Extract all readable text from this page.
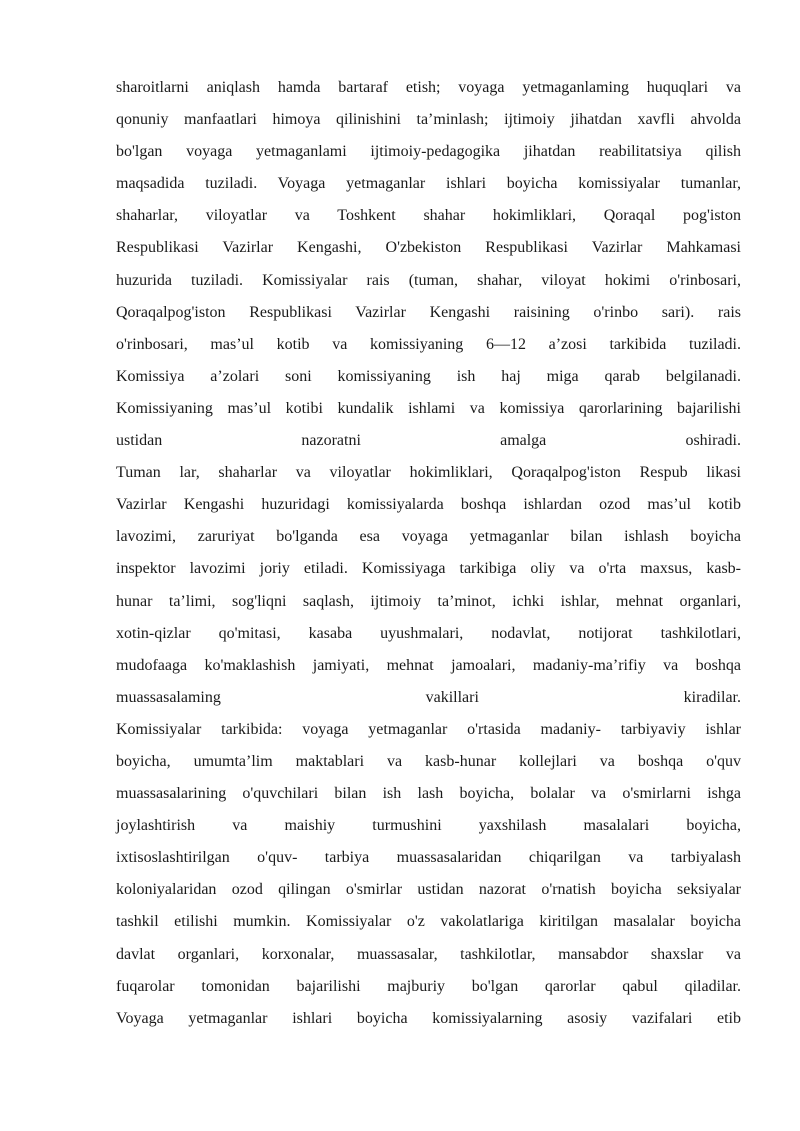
sharoitlarni aniqlash hamda bartaraf etish; voyaga yetmaganlaming huquqlari va
qonuniy manfaatlari himoya qilinishini ta’minlash; ijtimoiy jihatdan xavfli ahvolda
bo'lgan voyaga yetmaganlami ijtimoiy-pedagogika jihatdan reabilitatsiya qilish
maqsadida tuziladi. Voyaga yetmaganlar ishlari boyicha komissiyalar tumanlar,
shaharlar, viloyatlar va Toshkent shahar hokimliklari, Qoraqal pog'iston
Respublikasi Vazirlar Kengashi, O'zbekiston Respublikasi Vazirlar Mahkamasi
huzurida tuziladi. Komissiyalar rais (tuman, shahar, viloyat hokimi o'rinbosari,
Qoraqalpog'iston Respublikasi Vazirlar Kengashi raisining o'rinbo sari). rais
o'rinbosari, mas’ul kotib va komissiyaning 6—12 a’zosi tarkibida tuziladi.
Komissiya a’zolari soni komissiyaning ish haj miga qarab belgilanadi.
Komissiyaning mas’ul kotibi kundalik ishlami va komissiya qarorlarining bajarilishi
ustidan nazoratni amalga oshiradi.
Tuman lar, shaharlar va viloyatlar hokimliklari, Qoraqalpog'iston Respub likasi
Vazirlar Kengashi huzuridagi komissiyalarda boshqa ishlardan ozod mas’ul kotib
lavozimi, zaruriyat bo'lganda esa voyaga yetmaganlar bilan ishlash boyicha
inspektor lavozimi joriy etiladi. Komissiyaga tarkibiga oliy va o'rta maxsus, kasb-
hunar ta’limi, sog'liqni saqlash, ijtimoiy ta’minot, ichki ishlar, mehnat organlari,
xotin-qizlar qo'mitasi, kasaba uyushmalari, nodavlat, notijorat tashkilotlari,
mudofaaga ko'maklashish jamiyati, mehnat jamoalari, madaniy-ma’rifiy va boshqa
muassasalaming vakillari kiradilar.
Komissiyalar tarkibida: voyaga yetmaganlar o'rtasida madaniy- tarbiyaviy ishlar
boyicha, umumta’lim maktablari va kasb-hunar kollejlari va boshqa o'quv
muassasalarining o'quvchilari bilan ish lash boyicha, bolalar va o'smirlarni ishga
joylashtirish va maishiy turmushini yaxshilash masalalari boyicha,
ixtisoslashtirilgan o'quv- tarbiya muassasalaridan chiqarilgan va tarbiyalash
koloniyalaridan ozod qilingan o'smirlar ustidan nazorat o'rnatish boyicha seksiyalar
tashkil etilishi mumkin. Komissiyalar o'z vakolatlariga kiritilgan masalalar boyicha
davlat organlari, korxonalar, muassasalar, tashkilotlar, mansabdor shaxslar va
fuqarolar tomonidan bajarilishi majburiy bo'lgan qarorlar qabul qiladilar.
Voyaga yetmaganlar ishlari boyicha komissiyalarning asosiy vazifalari etib
